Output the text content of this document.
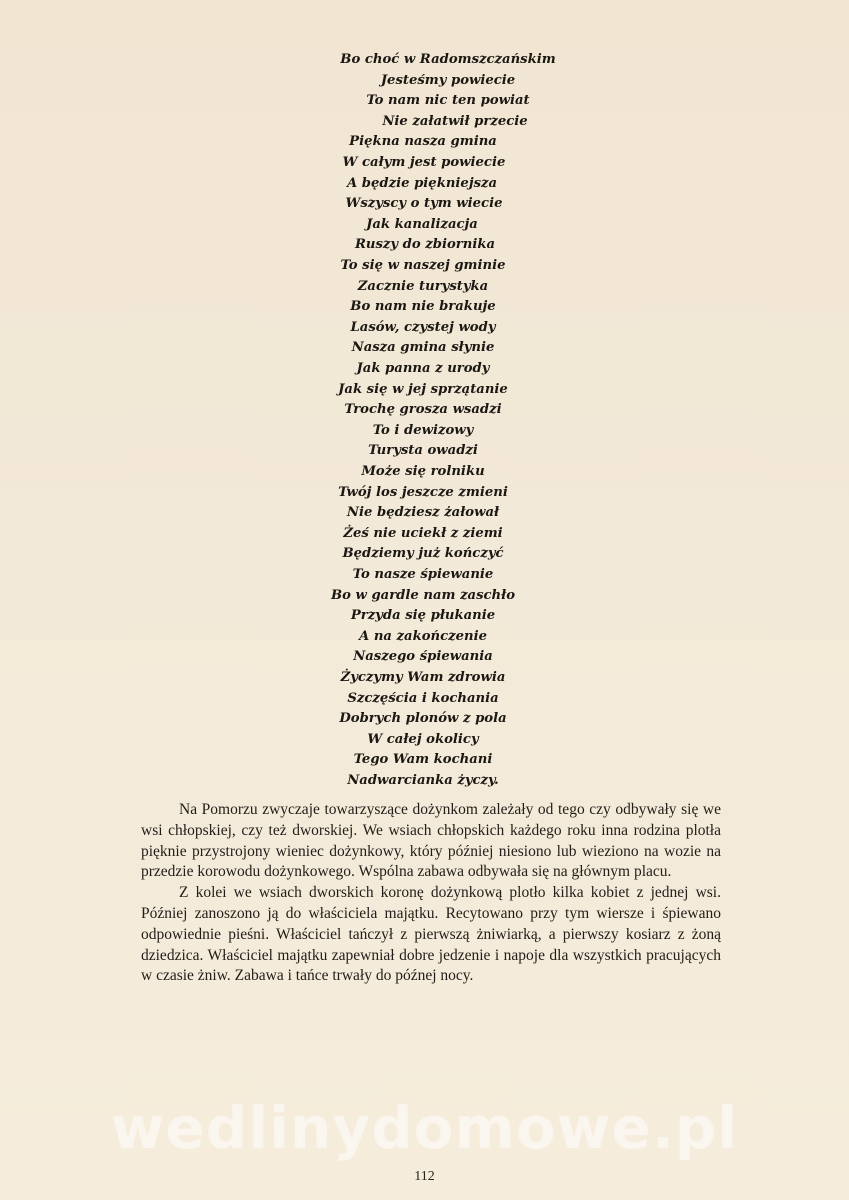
Bo choć w Radomszczańskim
Jesteśmy powiecie
To nam nic ten powiat
Nie załatwił przecie
Piękna nasza gmina
W całym jest powiecie
A będzie piękniejsza
Wszyscy o tym wiecie
Jak kanalizacja
Ruszy do zbiornika
To się w naszej gminie
Zacznie turystyka
Bo nam nie brakuje
Lasów, czystej wody
Nasza gmina słynie
Jak panna z urody
Jak się w jej sprzątanie
Trochę grosza wsadzi
To i dewizowy
Turysta owadzi
Może się rolniku
Twój los jeszcze zmieni
Nie będziesz żałował
Żeś nie uciekł z ziemi
Będziemy już kończyć
To nasze śpiewanie
Bo w gardle nam zaschło
Przyda się płukanie
A na zakończenie
Naszego śpiewania
Życzymy Wam zdrowia
Szczęścia i kochania
Dobrych plonów z pola
W całej okolicy
Tego Wam kochani
Nadwarcianka życzy.

Na Pomorzu zwyczaje towarzyszące dożynkom zależały od tego czy odbywały się we wsi chłopskiej, czy też dworskiej. We wsiach chłopskich każdego roku inna rodzina plotła pięknie przystrojony wieniec dożynkowy, który później niesiono lub wieziono na wozie na przedzie korowodu dożynkowego. Wspólna zabawa odbywała się na głównym placu.

Z kolei we wsiach dworskich koronę dożynkową plotło kilka kobiet z jednej wsi. Później zanoszono ją do właściciela majątku. Recytowano przy tym wiersze i śpiewano odpowiednie pieśni. Właściciel tańczył z pierwszą żniwiarką, a pierwszy kosiarz z żoną dziedzica. Właściciel majątku zapewniał dobre jedzenie i napoje dla wszystkich pracujących w czasie żniw. Zabawa i tańce trwały do późnej nocy.

wedlinydomowe.pl
112
